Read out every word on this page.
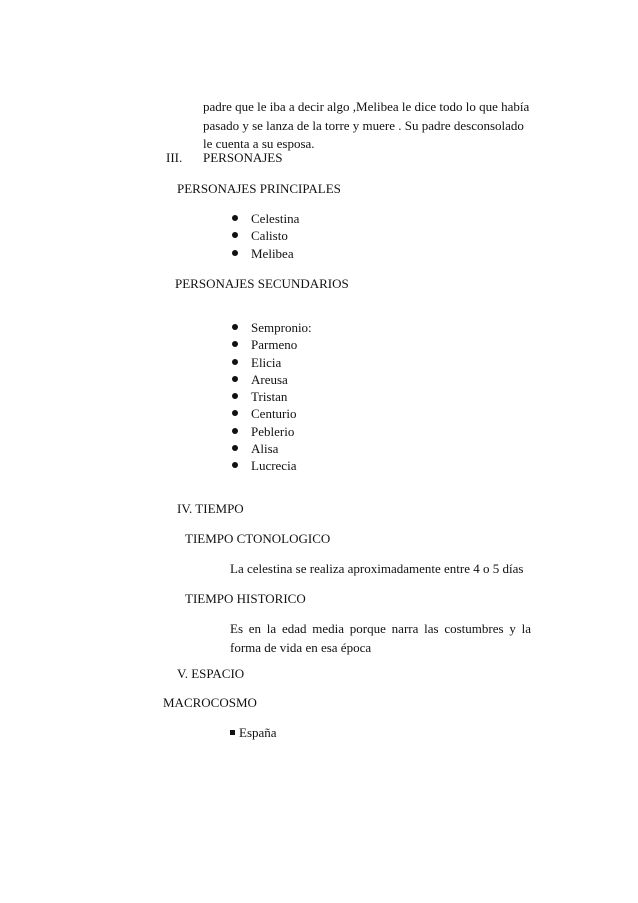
padre que le iba a decir algo ,Melibea le dice todo lo que había
pasado y se lanza de la torre y muere . Su padre desconsolado
le cuenta a su esposa.
III. PERSONAJES
PERSONAJES PRINCIPALES
Celestina
Calisto
Melibea
PERSONAJES SECUNDARIOS
Sempronio:
Parmeno
Elicia
Areusa
Tristan
Centurio
Peblerio
Alisa
Lucrecia
IV. TIEMPO
TIEMPO CTONOLOGICO
La celestina se realiza aproximadamente entre 4 o 5 días
TIEMPO HISTORICO
Es en la edad media porque narra las costumbres y la
forma de vida en esa época
V. ESPACIO
MACROCOSMO
España
